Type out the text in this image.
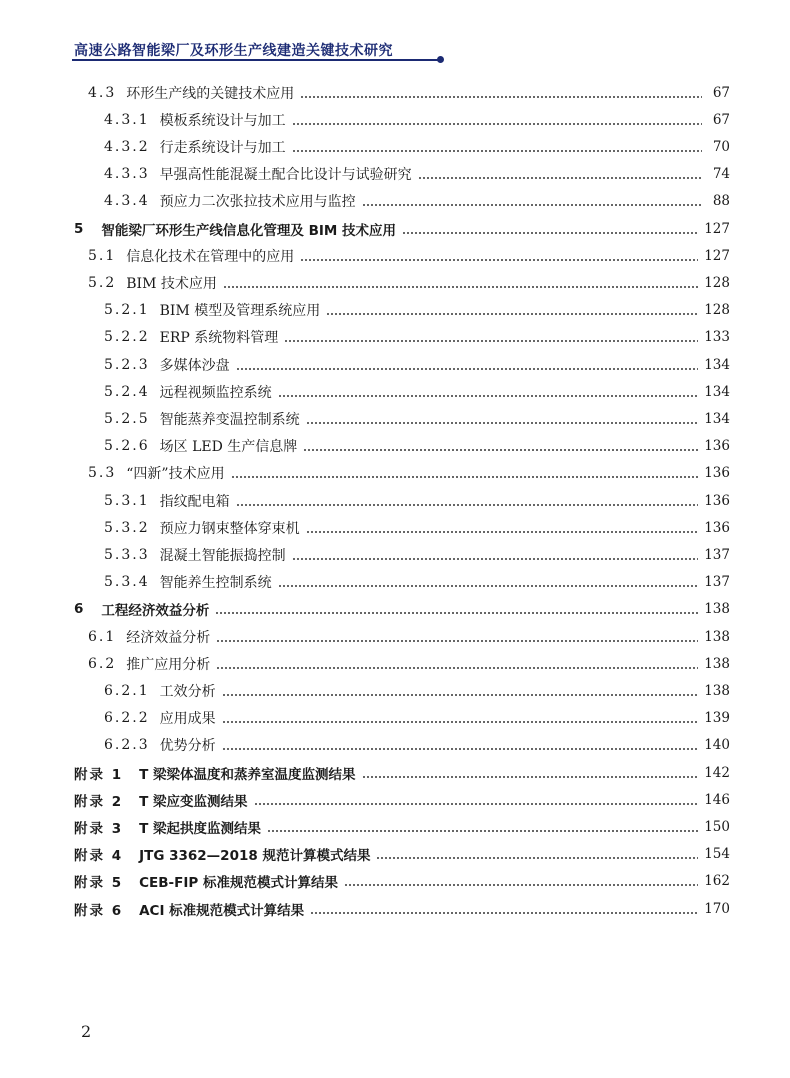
高速公路智能梁厂及环形生产线建造关键技术研究
4.3 环形生产线的关键技术应用	67
4.3.1 模板系统设计与加工	67
4.3.2 行走系统设计与加工	70
4.3.3 早强高性能混凝土配合比设计与试验研究	74
4.3.4 预应力二次张拉技术应用与监控	88
5 智能梁厂环形生产线信息化管理及 BIM 技术应用	127
5.1 信息化技术在管理中的应用	127
5.2 BIM 技术应用	128
5.2.1 BIM 模型及管理系统应用	128
5.2.2 ERP 系统物料管理	133
5.2.3 多媒体沙盘	134
5.2.4 远程视频监控系统	134
5.2.5 智能蒸养变温控制系统	134
5.2.6 场区 LED 生产信息牌	136
5.3 “四新”技术应用	136
5.3.1 指纹配电箱	136
5.3.2 预应力钢束整体穿束机	136
5.3.3 混凝土智能振捣控制	137
5.3.4 智能养生控制系统	137
6 工程经济效益分析	138
6.1 经济效益分析	138
6.2 推广应用分析	138
6.2.1 工效分析	138
6.2.2 应用成果	139
6.2.3 优势分析	140
附录 1 T 梁梁体温度和蒸养室温度监测结果	142
附录 2 T 梁应变监测结果	146
附录 3 T 梁起拱度监测结果	150
附录 4 JTG 3362—2018 规范计算模式结果	154
附录 5 CEB-FIP 标准规范模式计算结果	162
附录 6 ACI 标准规范模式计算结果	170
2
